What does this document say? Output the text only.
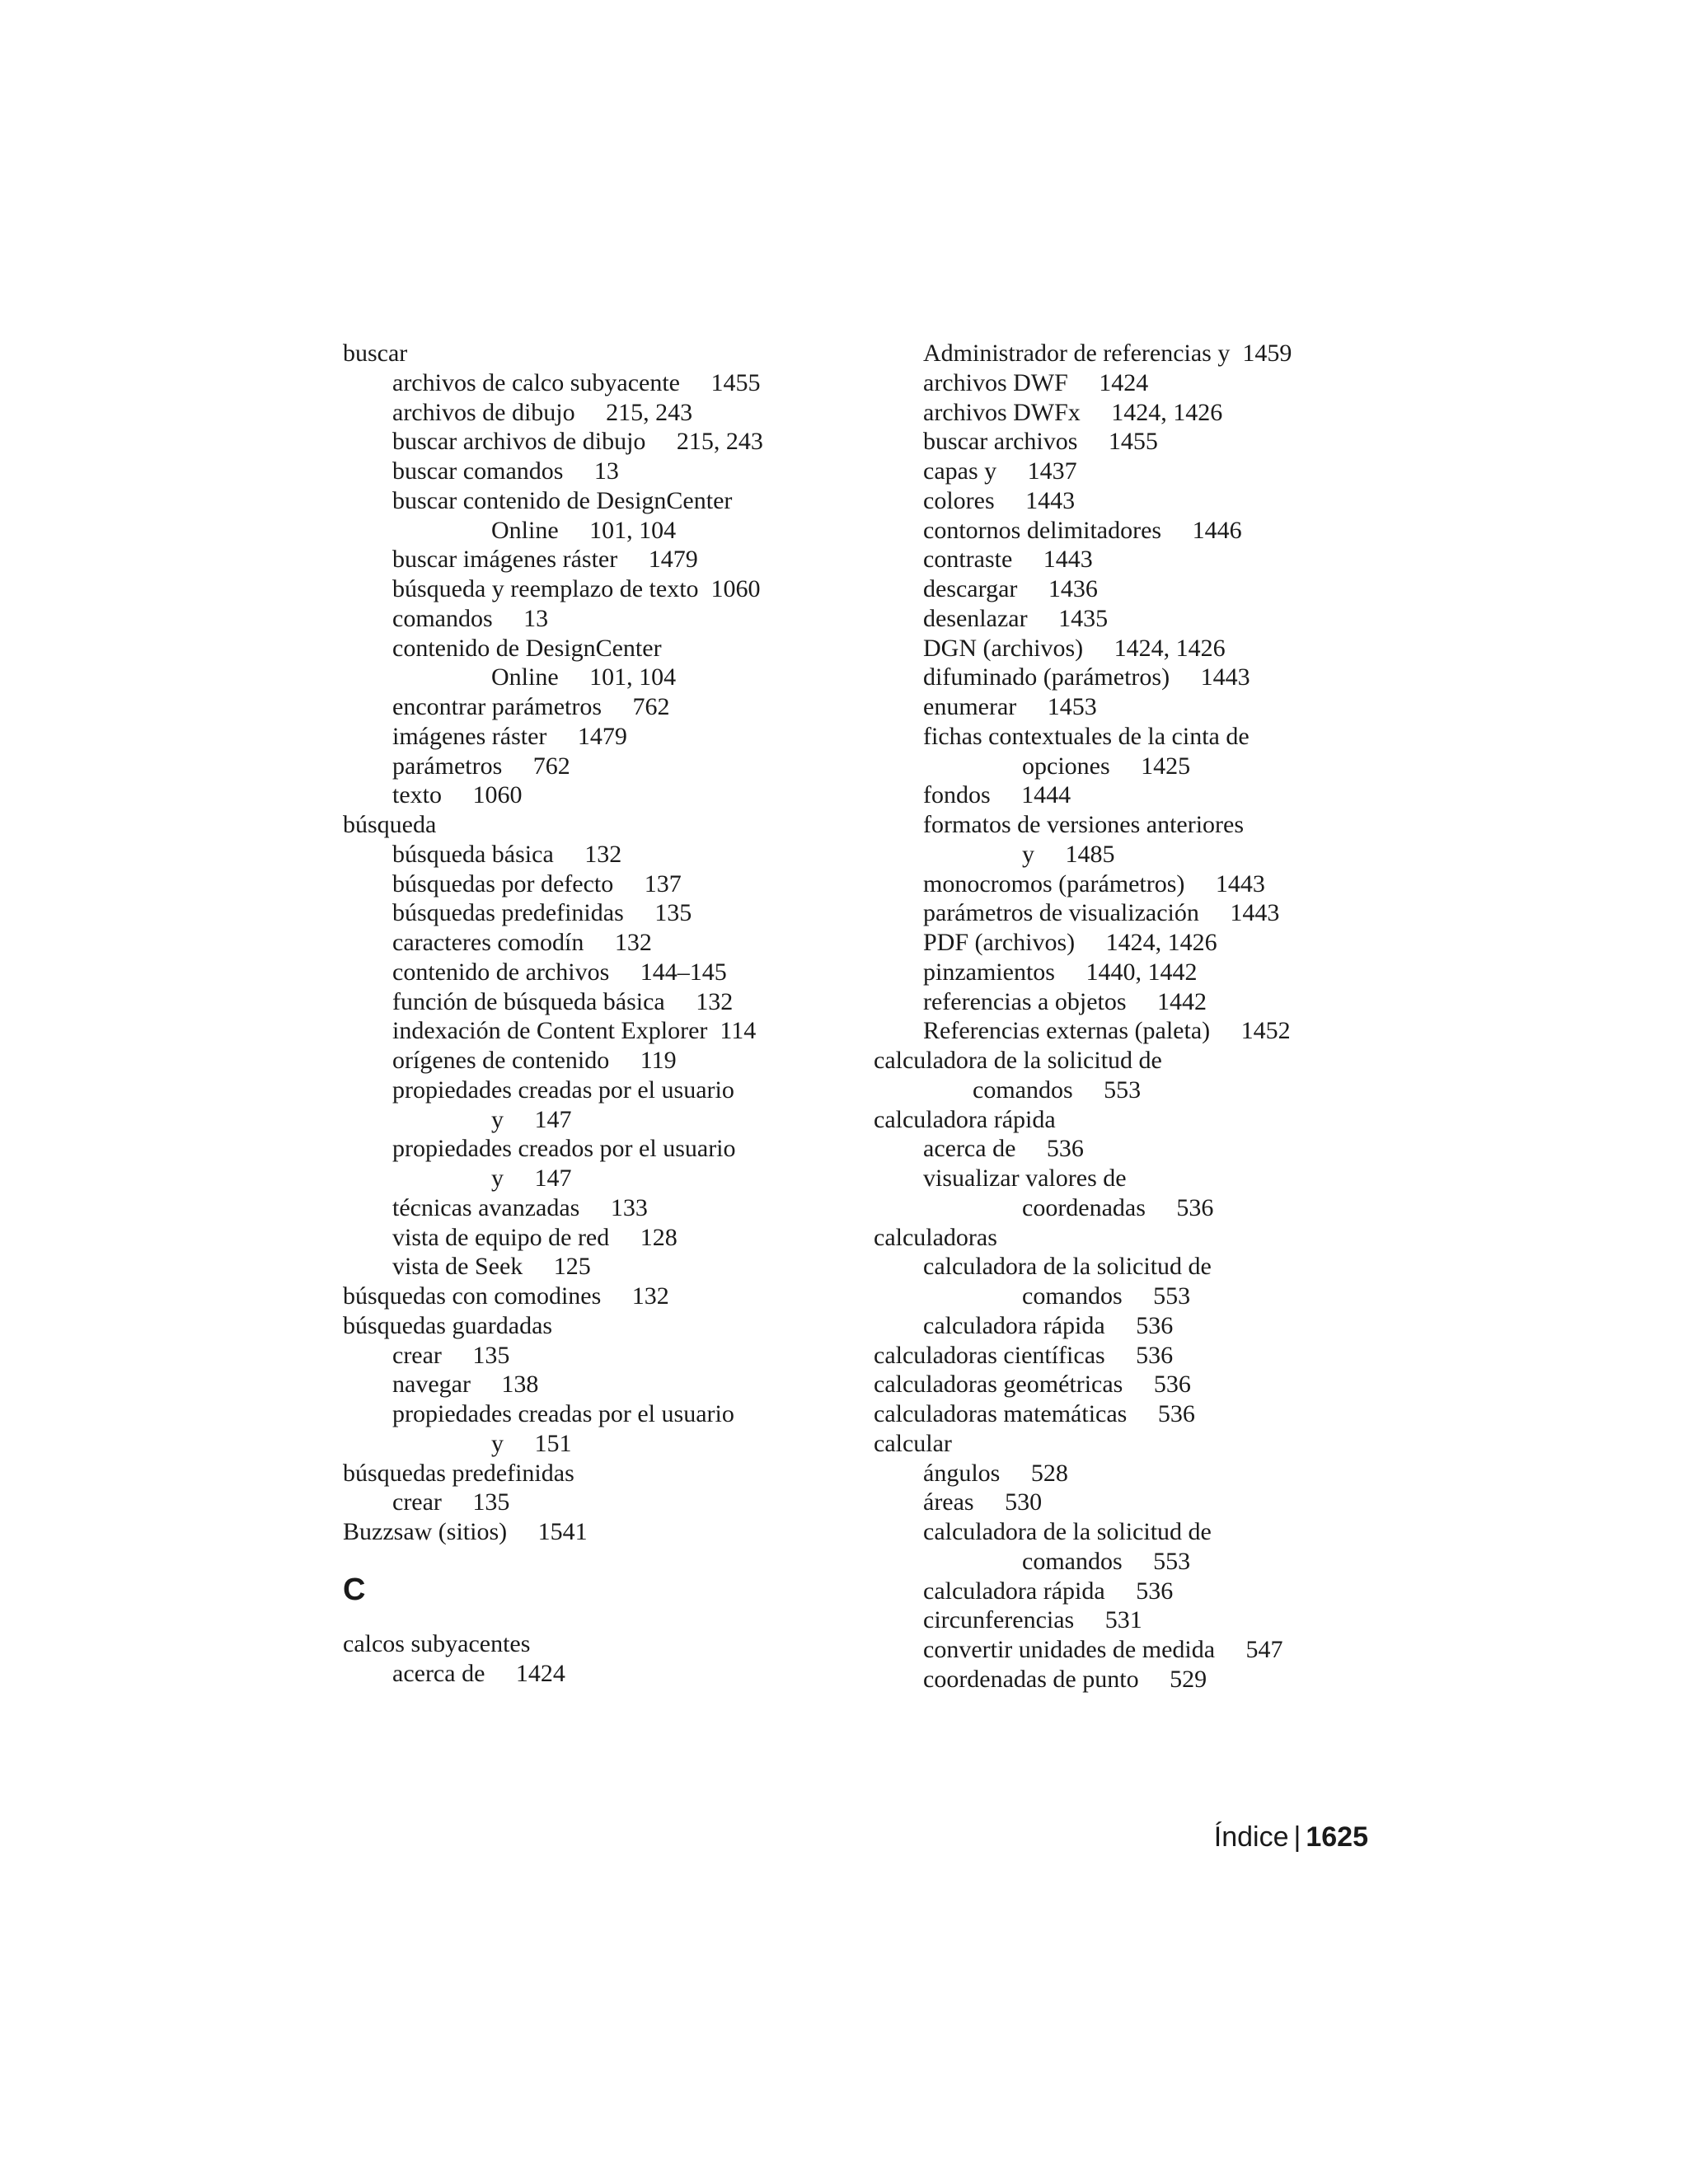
buscar
archivos de calco subyacente     1455
archivos de dibujo     215, 243
buscar archivos de dibujo     215, 243
buscar comandos     13
buscar contenido de DesignCenter
Online     101, 104
buscar imágenes ráster     1479
búsqueda y reemplazo de texto  1060
comandos     13
contenido de DesignCenter
Online     101, 104
encontrar parámetros     762
imágenes ráster     1479
parámetros     762
texto     1060
búsqueda
búsqueda básica     132
búsquedas por defecto     137
búsquedas predefinidas     135
caracteres comodín     132
contenido de archivos     144–145
función de búsqueda básica     132
indexación de Content Explorer  114
orígenes de contenido     119
propiedades creadas por el usuario
y     147
propiedades creados por el usuario
y     147
técnicas avanzadas     133
vista de equipo de red     128
vista de Seek     125
búsquedas con comodines     132
búsquedas guardadas
crear     135
navegar     138
propiedades creadas por el usuario
y     151
búsquedas predefinidas
crear     135
Buzzsaw (sitios)     1541
C
calcos subyacentes
acerca de     1424
Administrador de referencias y  1459
archivos DWF     1424
archivos DWFx     1424, 1426
buscar archivos     1455
capas y     1437
colores     1443
contornos delimitadores     1446
contraste     1443
descargar     1436
desenlazar     1435
DGN (archivos)     1424, 1426
difuminado (parámetros)     1443
enumerar     1453
fichas contextuales de la cinta de
opciones     1425
fondos     1444
formatos de versiones anteriores
y     1485
monocromos (parámetros)     1443
parámetros de visualización     1443
PDF (archivos)     1424, 1426
pinzamientos     1440, 1442
referencias a objetos     1442
Referencias externas (paleta)     1452
calculadora de la solicitud de
comandos     553
calculadora rápida
acerca de     536
visualizar valores de
coordenadas     536
calculadoras
calculadora de la solicitud de
comandos     553
calculadora rápida     536
calculadoras científicas     536
calculadoras geométricas     536
calculadoras matemáticas     536
calcular
ángulos     528
áreas     530
calculadora de la solicitud de
comandos     553
calculadora rápida     536
circunferencias     531
convertir unidades de medida     547
coordenadas de punto     529
Índice | 1625
